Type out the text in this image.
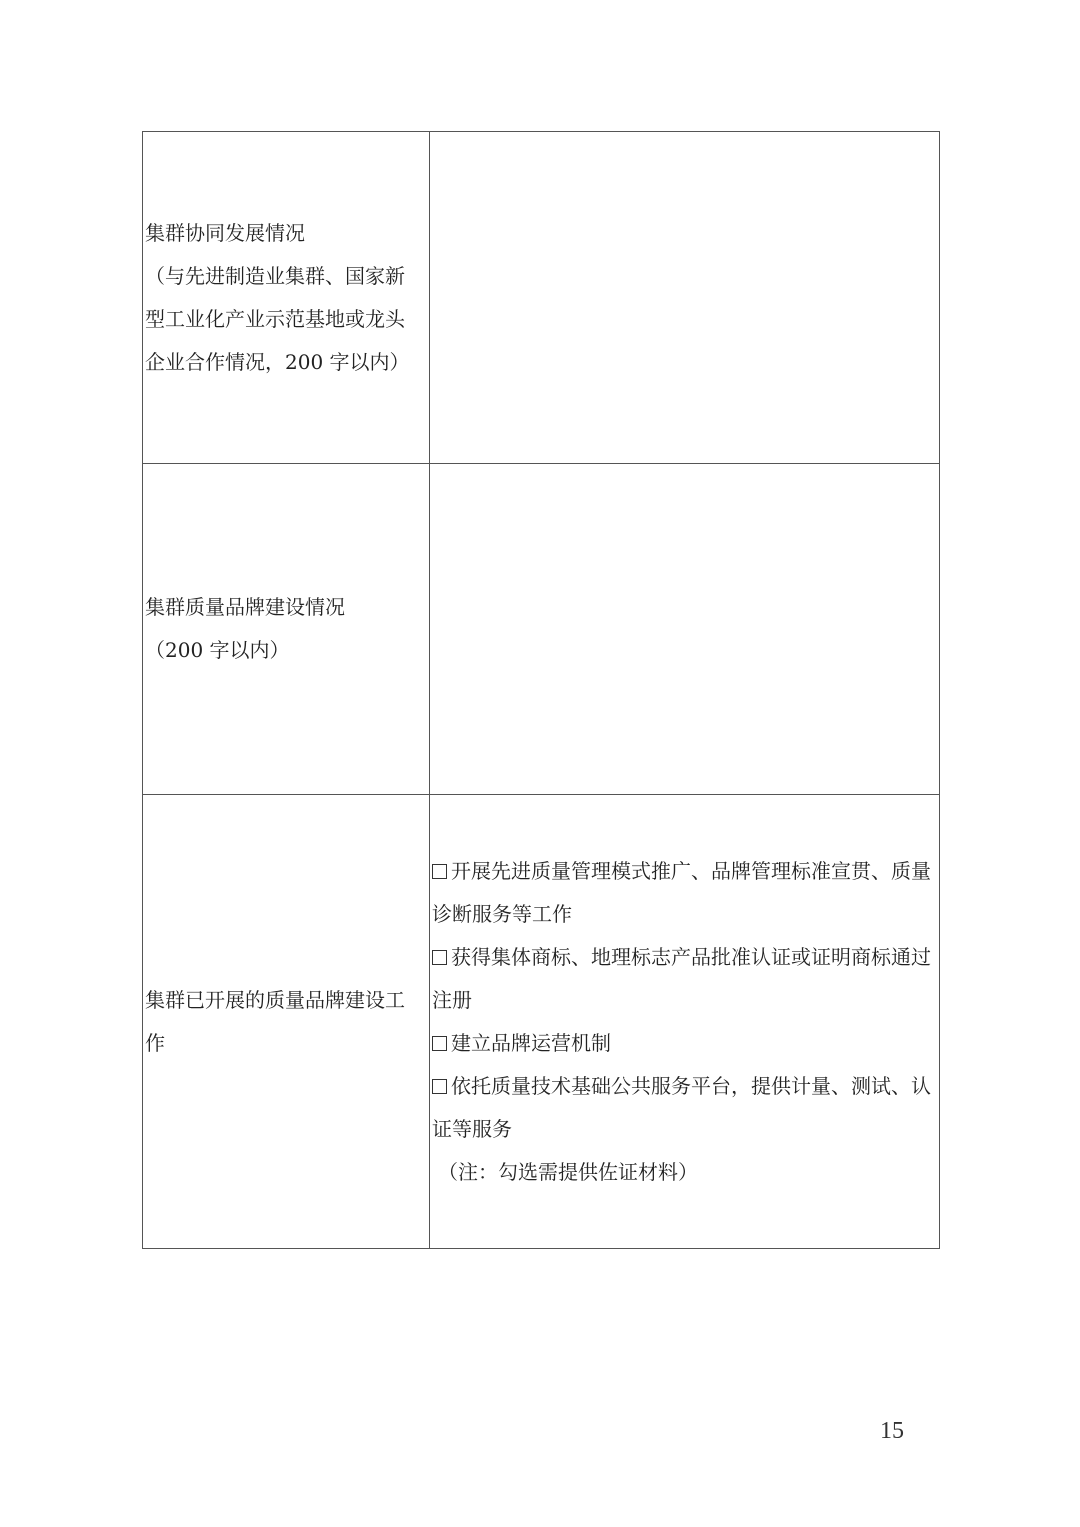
集群协同发展情况
（与先进制造业集群、国家新
型工业化产业示范基地或龙头
企业合作情况，200 字以内）	

集群质量品牌建设情况
（200 字以内）	

集群已开展的质量品牌建设工
作	开展先进质量管理模式推广、品牌管理标准宣贯、质量诊断服务等工作
获得集体商标、地理标志产品批准认证或证明商标通过注册
建立品牌运营机制
依托质量技术基础公共服务平台，提供计量、测试、认证等服务
（注：勾选需提供佐证材料）
15
